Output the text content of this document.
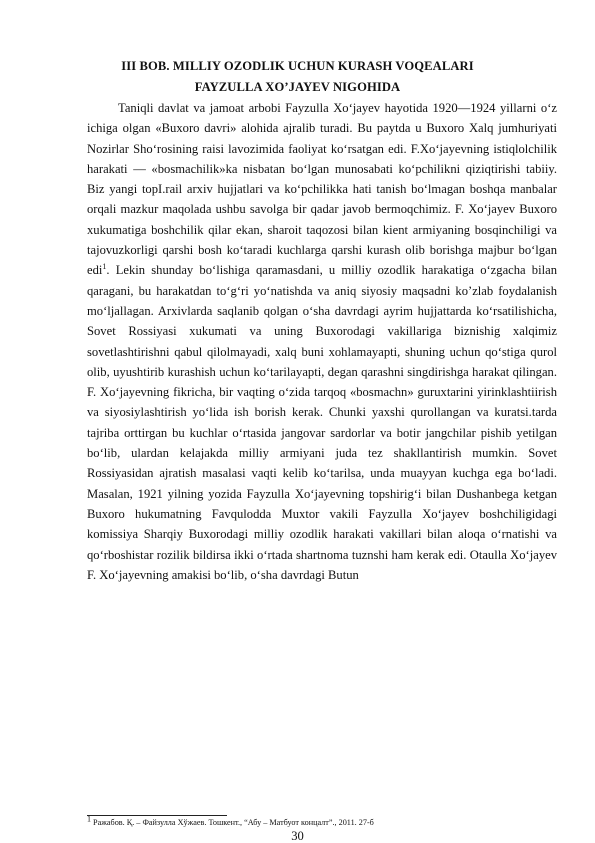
III BOB. MILLIY OZODLIK UCHUN KURASH VOQEALARI
FAYZULLA XO’JAYEV NIGOHIDA

Taniqli davlat va jamoat arbobi Fayzulla Xo‘jayev hayotida 1920—1924 yillarni o‘z ichiga olgan «Buxoro davri» alohida ajralib turadi. Bu paytda u Buxoro Xalq jumhuriyati Nozirlar Sho‘rosining raisi lavozimida faoliyat ko‘rsatgan edi. F.Xo‘jayevning istiqlolchilik harakati — «bosmachilik»ka nisbatan bo‘lgan munosabati ko‘pchilikni qiziqtirishi tabiiy. Biz yangi topI.rail arxiv hujjatlari va ko‘pchilikka hati tanish bo‘lmagan boshqa manbalar orqali mazkur maqolada ushbu savolga bir qadar javob bermoqchimiz. F. Xo‘jayev Buxoro xukumatiga boshchilik qilar ekan, sharoit taqozosi bilan kient armiyaning bosqinchiligi va tajovuzkorligi qarshi bosh ko‘taradi kuchlarga qarshi kurash olib borishga majbur bo‘lgan edi$^1$. Lekin shunday bo‘lishiga qaramasdani, u milliy ozodlik harakatiga o‘zgacha bilan qaragani, bu harakatdan to‘g‘ri yo‘natishda va aniq siyosiy maqsadni ko’zlab foydalanish mo‘ljallagan. Arxivlarda saqlanib qolgan o‘sha davrdagi ayrim hujjattarda ko‘rsatilishicha, Sovet Rossiyasi xukumati va uning Buxorodagi vakillariga biznishig xalqimiz sovetlashtirishni qabul qilolmayadi, xalq buni xohlamayapti, shuning uchun qo‘stiga qurol olib, uyushtirib kurashish uchun ko‘tarilayapti, degan qarashni singdirishga harakat qilingan. F. Xo‘jayevning fikricha, bir vaqting o‘zida tarqoq «bosmachn» guruxtarini yirinklashtiirish va siyosiylashtirish yo‘lida ish borish kerak. Chunki yaxshi qurollangan va kuratsi.tarda tajriba orttirgan bu kuchlar o‘rtasida jangovar sardorlar va botir jangchilar pishib yetilgan bo‘lib, ulardan kelajakda milliy armiyani juda tez shakllantirish mumkin. Sovet Rossiyasidan ajratish masalasi vaqti kelib ko‘tarilsa, unda muayyan kuchga ega bo‘ladi. Masalan, 1921 yilning yozida Fayzulla Xo‘jayevning topshirig‘i bilan Dushanbega ketgan Buxoro hukumatning Favqulodda Muxtor vakili Fayzulla Xo‘jayev boshchiligidagi komissiya Sharqiy Buxorodagi milliy ozodlik harakati vakillari bilan aloqa o‘rnatishi va qo‘rboshistar rozilik bildirsa ikki o‘rtada shartnoma tuznshi ham kerak edi. Otaulla Xo‘jayev F. Xo‘jayevning amakisi bo‘lib, o‘sha davrdagi Butun

1 Ражабов. Қ. – Файзулла Хўжаев. Тошкент., “Абу – Матбуот концалт”., 2011. 27-б
30
